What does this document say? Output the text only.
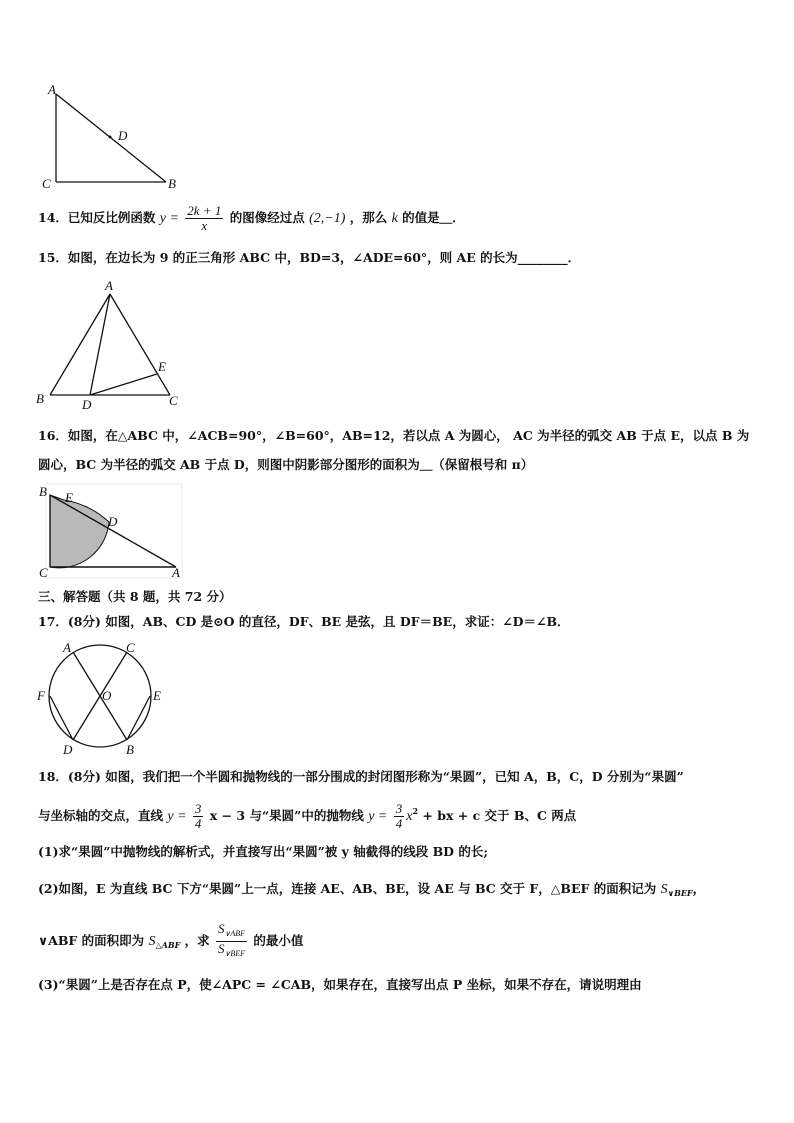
A
D
C	B
14．已知反比例函数 $y = \frac{2k + 1}{x}$ 的图像经过点 (2,−1) ，那么 k 的值是＿．
15．如图，在边长为 9 的正三角形 ABC 中，BD=3，∠ADE=60°，则 AE 的长为________．
A
E
B	D	C
16．如图，在△ABC 中，∠ACB=90°，∠B=60°，AB=12，若以点 A 为圆心， AC 为半径的弧交 AB 于点 E，以点 B 为
圆心，BC 为半径的弧交 AB 于点 D，则图中阴影部分图形的面积为＿（保留根号和 π）
B E
D
C	A
三、解答题（共 8 题，共 72 分）
17．(8分) 如图，AB、CD 是⊙O 的直径，DF、BE 是弦，且 DF＝BE，求证：∠D＝∠B．
A	C
F	O	E
D	B
18．(8分) 如图，我们把一个半圆和抛物线的一部分围成的封闭图形称为“果圆”，已知 A，B，C，D 分别为“果圆”
与坐标轴的交点，直线 $y = \frac{3}{4}$ x − 3 与“果圆”中的抛物线 $y = \frac{3}{4} x^2$ + bx + c 交于 B、C 两点
(1)求“果圆”中抛物线的解析式，并直接写出“果圆”被 y 轴截得的线段 BD 的长;
(2)如图，E 为直线 BC 下方“果圆”上一点，连接 AE、AB、BE，设 AE 与 BC 交于 F，△BEF 的面积记为 $S_{\vee BEF}$，
∨ABF 的面积即为 $S_{\triangle ABF}$ ，求 $\frac{S_{\vee ABF}}{S_{\vee BEF}}$ 的最小值
(3)“果圆”上是否存在点 P，使∠APC = ∠CAB，如果存在，直接写出点 P 坐标，如果不存在，请说明理由
